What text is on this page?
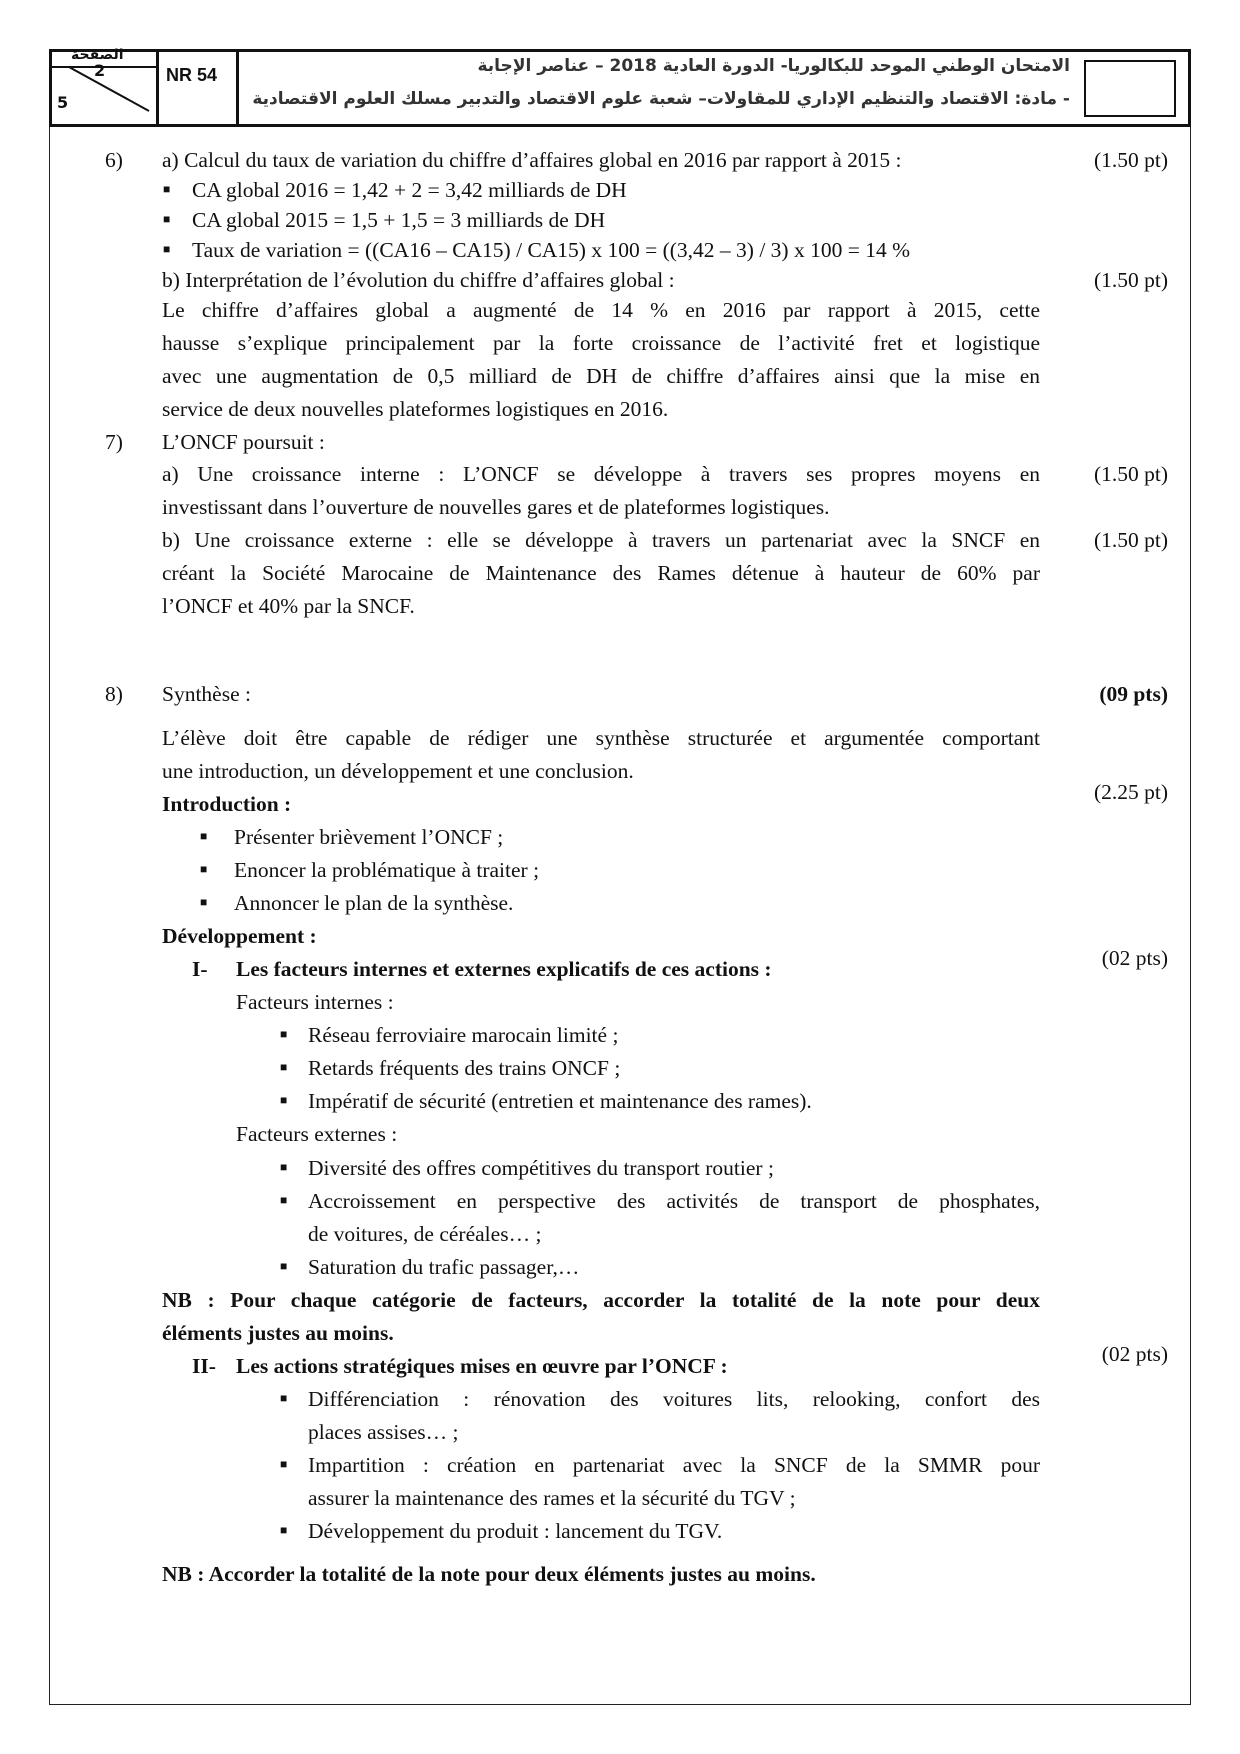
الصفحة
2
5
NR 54	الامتحان الوطني الموحد للبكالوريا- الدورة العادية 2018 – عناصر الإجابة
- مادة: الاقتصاد والتنظيم الإداري للمقاولات– شعبة علوم الاقتصاد والتدبير مسلك العلوم الاقتصادية
6) a) Calcul du taux de variation du chiffre d’affaires global en 2016 par rapport à 2015 :	(1.50 pt)
■ CA global 2016 = 1,42 + 2 = 3,42 milliards de DH
■ CA global 2015 = 1,5 + 1,5 = 3 milliards de DH
■ Taux de variation = ((CA16 – CA15) / CA15) x 100 = ((3,42 – 3) / 3) x 100 = 14 %
b) Interprétation de l’évolution du chiffre d’affaires global :	(1.50 pt)
Le chiffre d’affaires global a augmenté de 14 % en 2016 par rapport à 2015, cette
hausse s’explique principalement par la forte croissance de l’activité fret et logistique
avec une augmentation de 0,5 milliard de DH de chiffre d’affaires ainsi que la mise en
service de deux nouvelles plateformes logistiques en 2016.
7) L’ONCF poursuit :
a) Une croissance interne : L’ONCF se développe à travers ses propres moyens en	(1.50 pt)
investissant dans l’ouverture de nouvelles gares et de plateformes logistiques.
b) Une croissance externe : elle se développe à travers un partenariat avec la SNCF en	(1.50 pt)
créant la Société Marocaine de Maintenance des Rames détenue à hauteur de 60% par
l’ONCF et 40% par la SNCF.
8) Synthèse :	(09 pts)
L’élève doit être capable de rédiger une synthèse structurée et argumentée comportant
une introduction, un développement et une conclusion.
Introduction :	(2.25 pt)
■ Présenter brièvement l’ONCF ;
■ Enoncer la problématique à traiter ;
■ Annoncer le plan de la synthèse.
Développement :
I- Les facteurs internes et externes explicatifs de ces actions :	(02 pts)
Facteurs internes :
■ Réseau ferroviaire marocain limité ;
■ Retards fréquents des trains ONCF ;
■ Impératif de sécurité (entretien et maintenance des rames).
Facteurs externes :
■ Diversité des offres compétitives du transport routier ;
■ Accroissement en perspective des activités de transport de phosphates,
de voitures, de céréales… ;
■ Saturation du trafic passager,…
NB : Pour chaque catégorie de facteurs, accorder la totalité de la note pour deux
éléments justes au moins.
II- Les actions stratégiques mises en œuvre par l’ONCF :	(02 pts)
■ Différenciation : rénovation des voitures lits, relooking, confort des
places assises… ;
■ Impartition : création en partenariat avec la SNCF de la SMMR pour
assurer la maintenance des rames et la sécurité du TGV ;
■ Développement du produit : lancement du TGV.
NB : Accorder la totalité de la note pour deux éléments justes au moins.
